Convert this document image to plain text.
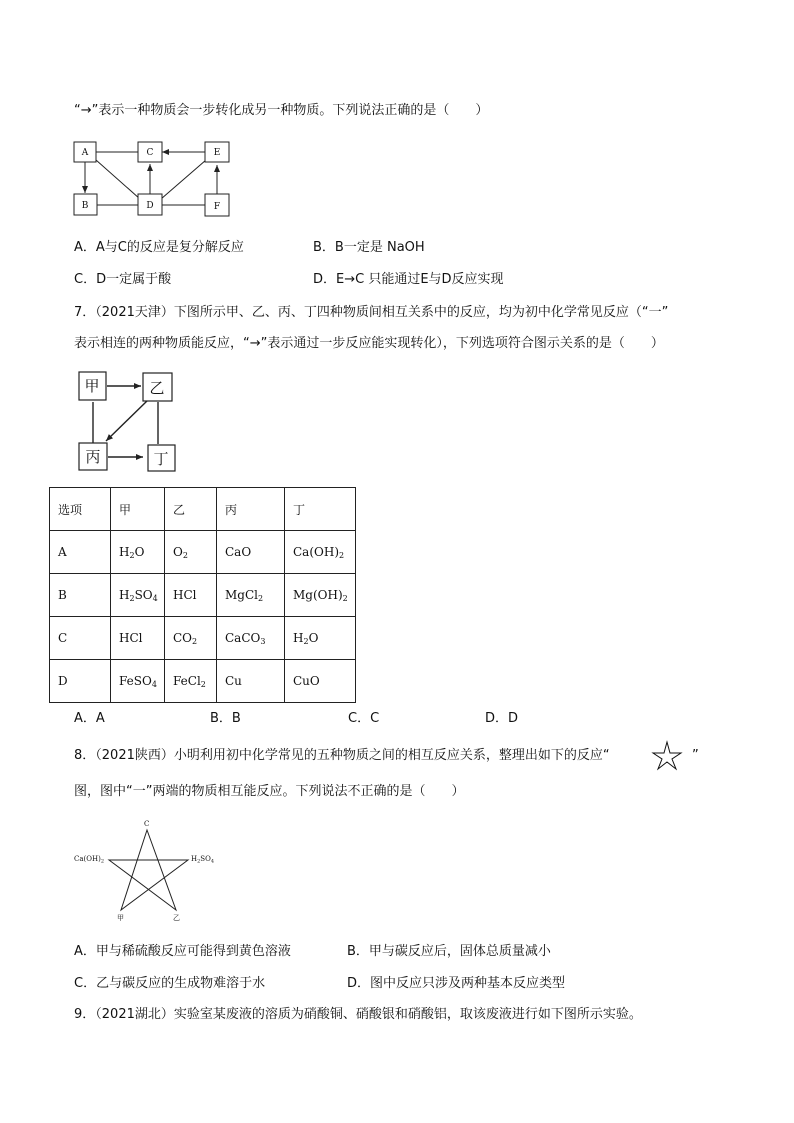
“→”表示一种物质会一步转化成另一种物质。下列说法正确的是（　　）
A	C	E
B	D	F
甲	乙
丙	丁
C
$Ca(OH)_2$	$H_2SO_4$
甲	乙
A．A与C的反应是复分解反应	B．B一定是 NaOH
C．D一定属于酸	D．E→C 只能通过E与D反应实现
7．（2021天津）下图所示甲、乙、丙、丁四种物质间相互关系中的反应，均为初中化学常见反应（“一”
表示相连的两种物质能反应，“→”表示通过一步反应能实现转化），下列选项符合图示关系的是（　　）
选项	甲	乙	丙	丁
A	$H_2O$	$O_2$	CaO	$Ca(OH)_2$
B	$H_2SO_4$	HCl	MgCl$_2$	$Mg(OH)_2$
C	HCl	$CO_2$	CaCO$_3$	$H_2O$
D	FeSO$_4$	FeCl$_2$	Cu	CuO
A．A	B．B	C．C	D．D
8．（2021陕西）小明利用初中化学常见的五种物质之间的相互反应关系，整理出如下的反应“	”
图，图中“一”两端的物质相互能反应。下列说法不正确的是（　　）
A．甲与稀硫酸反应可能得到黄色溶液	B．甲与碳反应后，固体总质量减小
C．乙与碳反应的生成物难溶于水	D．图中反应只涉及两种基本反应类型
9．（2021湖北）实验室某废液的溶质为硝酸铜、硝酸银和硝酸铝，取该废液进行如下图所示实验。
